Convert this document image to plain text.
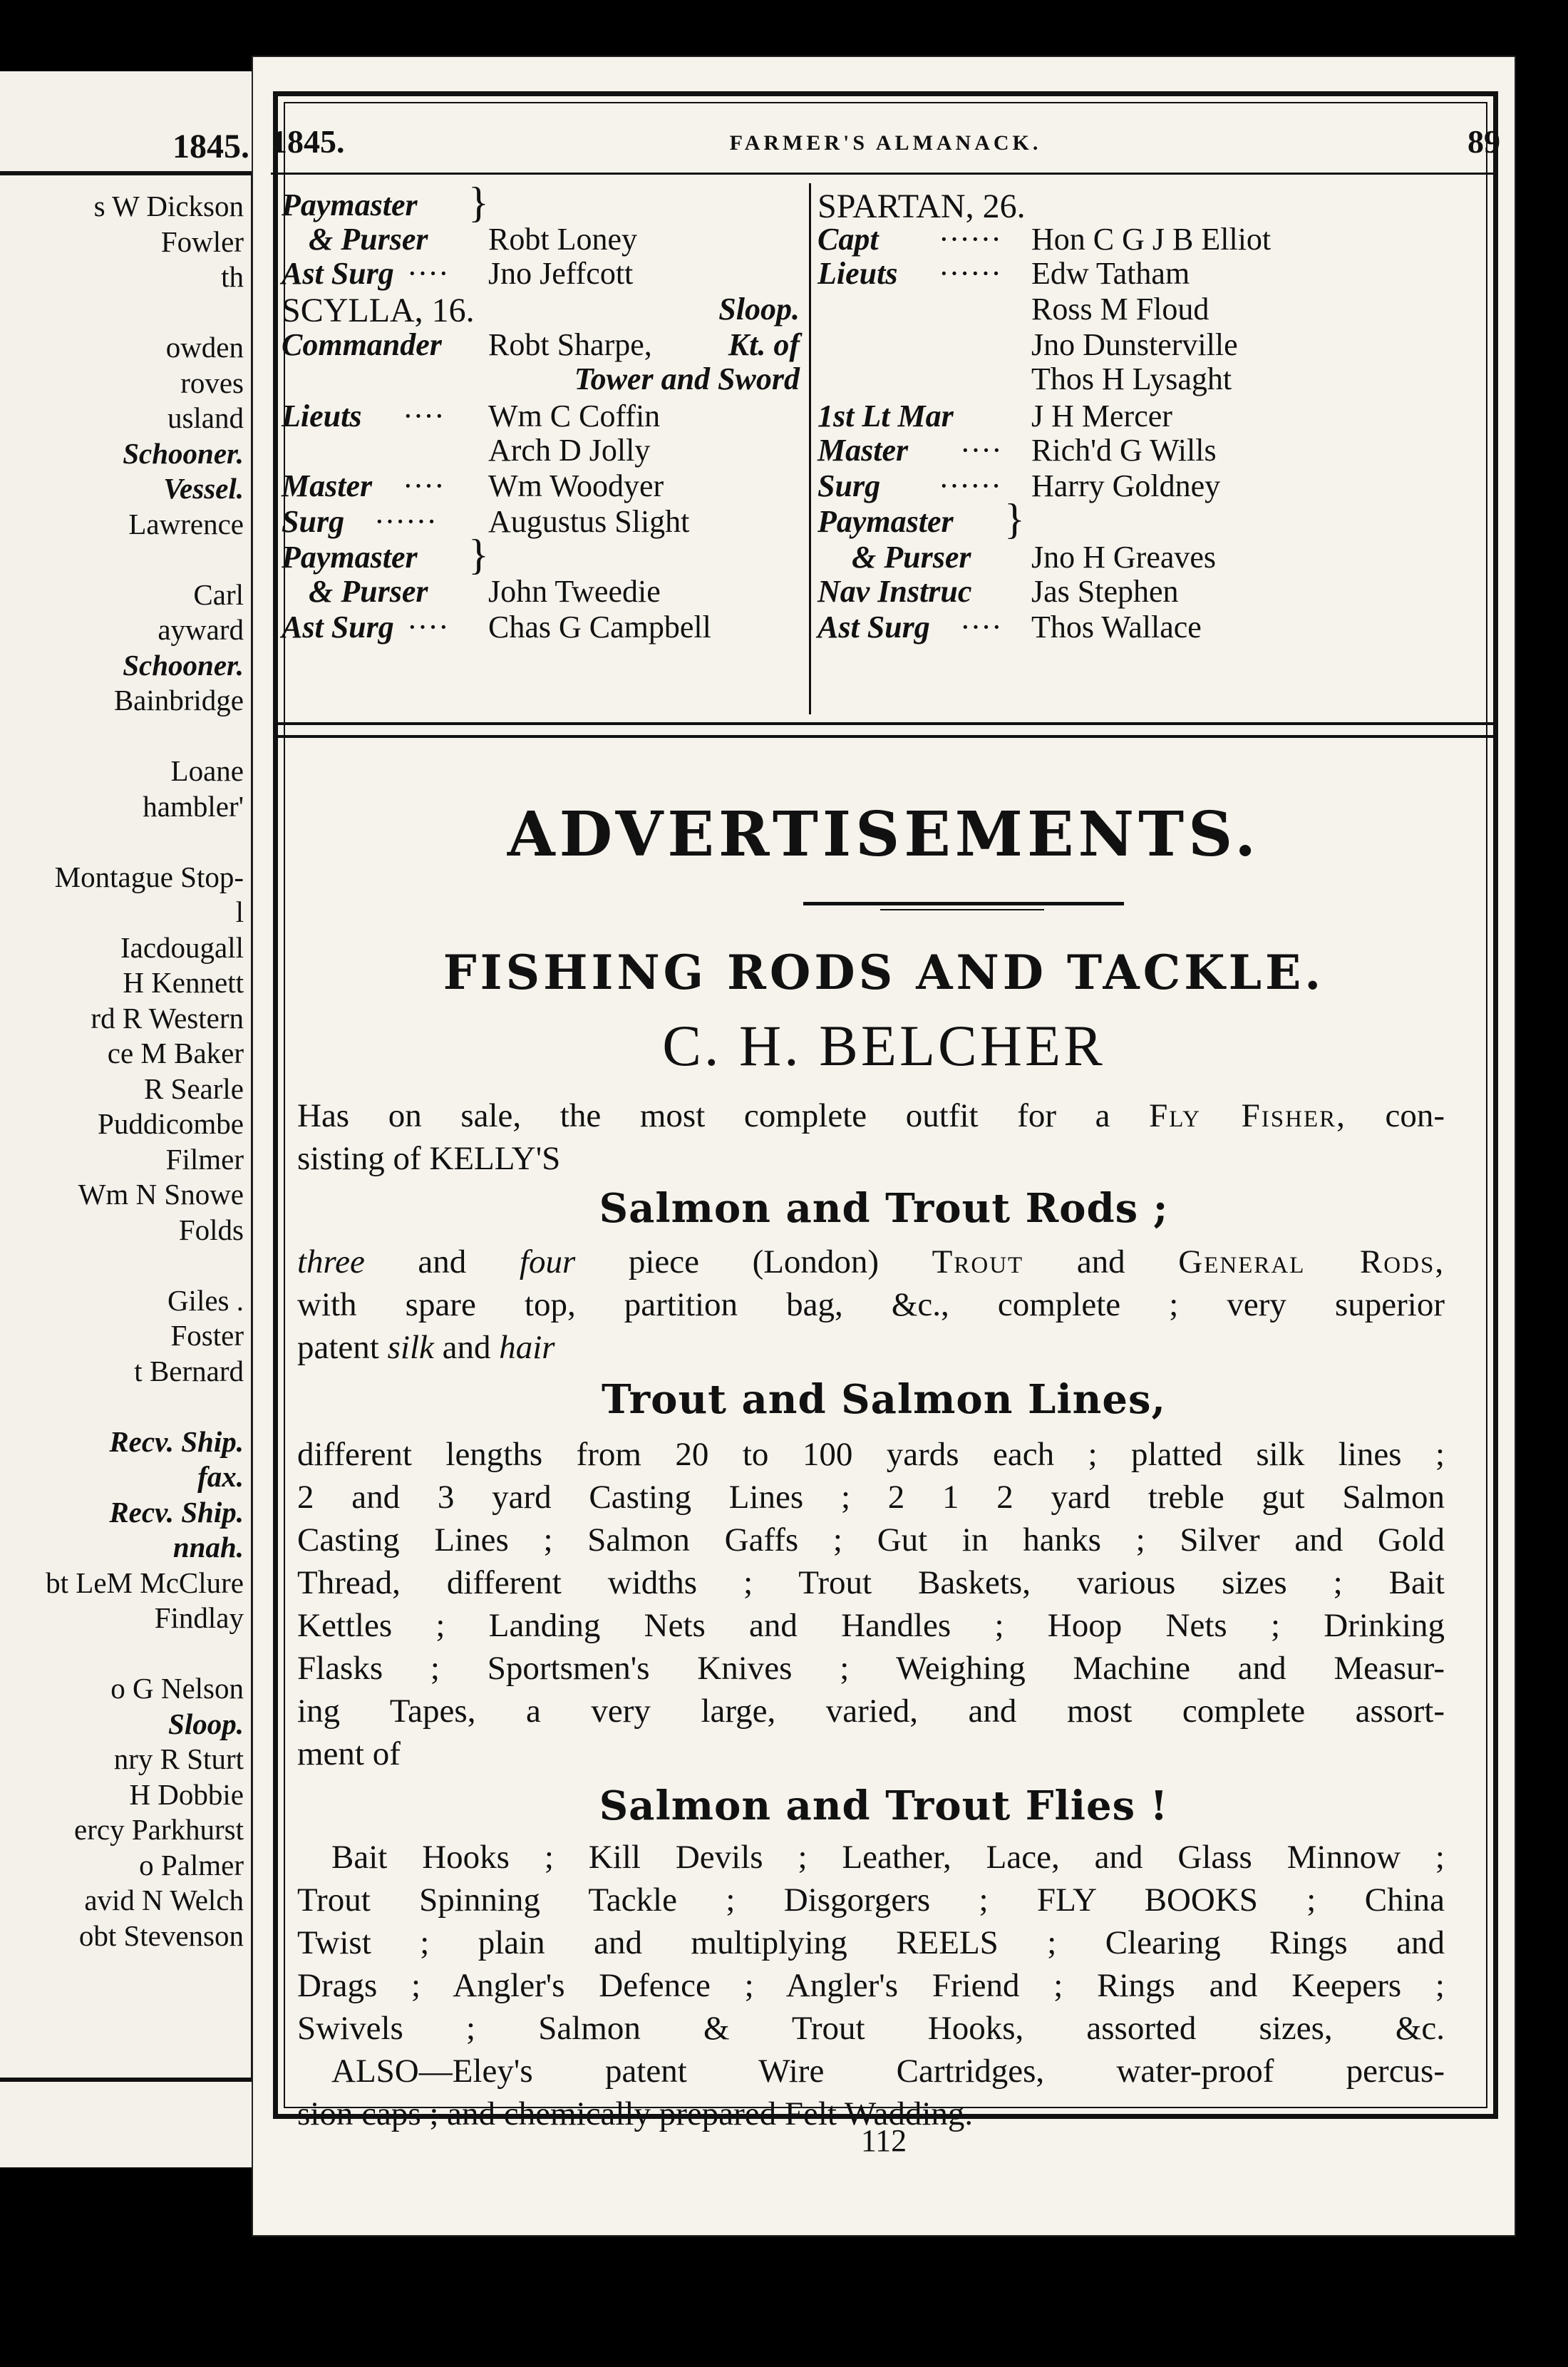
1845.
s W Dickson
Fowler
th
owden
roves
usland
Schooner.
Vessel.
Lawrence
Carl
ayward
Schooner.
Bainbridge
Loane
hambler'
Montague Stop-
l
Iacdougall
H Kennett
rd R Western
ce M Baker
R Searle
Puddicombe
Filmer
Wm N Snowe
Folds
Giles .
Foster
t Bernard
Recv. Ship.
fax.
Recv. Ship.
nnah.
bt LeM McClure
Findlay
o G Nelson
Sloop.
nry R Sturt
H Dobbie
ercy Parkhurst
o Palmer
avid N Welch
obt Stevenson
1845.	FARMER'S ALMANACK.	89
Paymaster }
& Purser Robt Loney
Ast Surg ···· Jno Jeffcott
SCYLLA, 16.	Sloop.
Commander Robt Sharpe, Kt. of
Tower and Sword
Lieuts ···· Wm C Coffin
Arch D Jolly
Master ···· Wm Woodyer
Surg ······ Augustus Slight
Paymaster }
& Purser John Tweedie
Ast Surg ···· Chas G Campbell
SPARTAN, 26.
Capt ······ Hon C G J B Elliot
Lieuts ······ Edw Tatham
Ross M Floud
Jno Dunsterville
Thos H Lysaght
1st Lt Mar J H Mercer
Master ···· Rich'd G Wills
Surg ······ Harry Goldney
Paymaster }
& Purser Jno H Greaves
Nav Instruc Jas Stephen
Ast Surg ···· Thos Wallace
ADVERTISEMENTS.
FISHING RODS AND TACKLE.
C. H. BELCHER
Has on sale, the most complete outfit for a Fly Fisher, con-
sisting of KELLY'S
Salmon and Trout Rods ;
three and four piece (London) Trout and General Rods,
with spare top, partition bag, &c., complete ; very superior
patent silk and hair
Trout and Salmon Lines,
different lengths from 20 to 100 yards each ; platted silk lines ;
2 and 3 yard Casting Lines ; 2 1 2 yard treble gut Salmon
Casting Lines ; Salmon Gaffs ; Gut in hanks ; Silver and Gold
Thread, different widths ; Trout Baskets, various sizes ; Bait
Kettles ; Landing Nets and Handles ; Hoop Nets ; Drinking
Flasks ; Sportsmen's Knives ; Weighing Machine and Measur-
ing Tapes, a very large, varied, and most complete assort-
ment of
Salmon and Trout Flies !
Bait Hooks ; Kill Devils ; Leather, Lace, and Glass Minnow ;
Trout Spinning Tackle ; Disgorgers ; FLY BOOKS ; China
Twist ; plain and multiplying REELS ; Clearing Rings and
Drags ; Angler's Defence ; Angler's Friend ; Rings and Keepers ;
Swivels ; Salmon & Trout Hooks, assorted sizes, &c.
ALSO—Eley's patent Wire Cartridges, water-proof percus-
sion caps ; and chemically prepared Felt Wadding.
112
